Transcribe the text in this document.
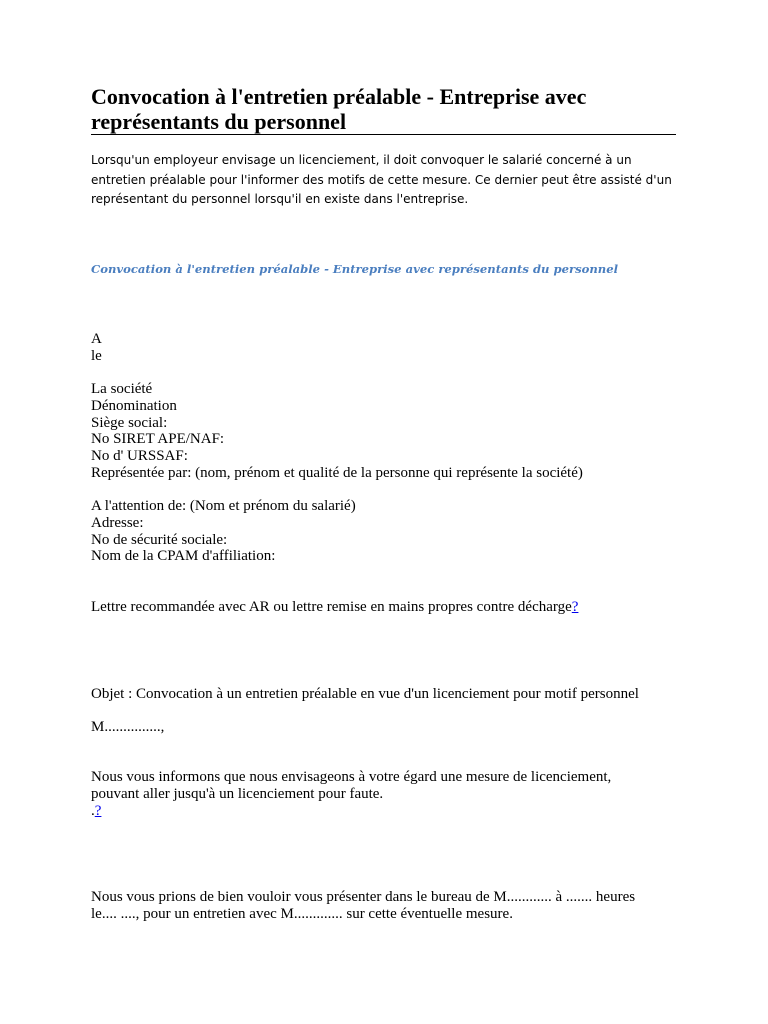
Convocation à l'entretien préalable - Entreprise avec représentants du personnel

Lorsqu'un employeur envisage un licenciement, il doit convoquer le salarié concerné à un entretien préalable pour l'informer des motifs de cette mesure. Ce dernier peut être assisté d'un représentant du personnel lorsqu'il en existe dans l'entreprise.

Convocation à l'entretien préalable - Entreprise avec représentants du personnel

A
le
La société
Dénomination
Siège social:
No SIRET APE/NAF:
No d' URSSAF:
Représentée par: (nom, prénom et qualité de la personne qui représente la société)
A l'attention de: (Nom et prénom du salarié)
Adresse:
No de sécurité sociale:
Nom de la CPAM d'affiliation:
Lettre recommandée avec AR ou lettre remise en mains propres contre décharge?
Objet : Convocation à un entretien préalable en vue d'un licenciement pour motif personnel
M...............,
Nous vous informons que nous envisageons à votre égard une mesure de licenciement,
pouvant aller jusqu'à un licenciement pour faute.
.?
Nous vous prions de bien vouloir vous présenter dans le bureau de M............ à ....... heures
le.... ...., pour un entretien avec M............. sur cette éventuelle mesure.
